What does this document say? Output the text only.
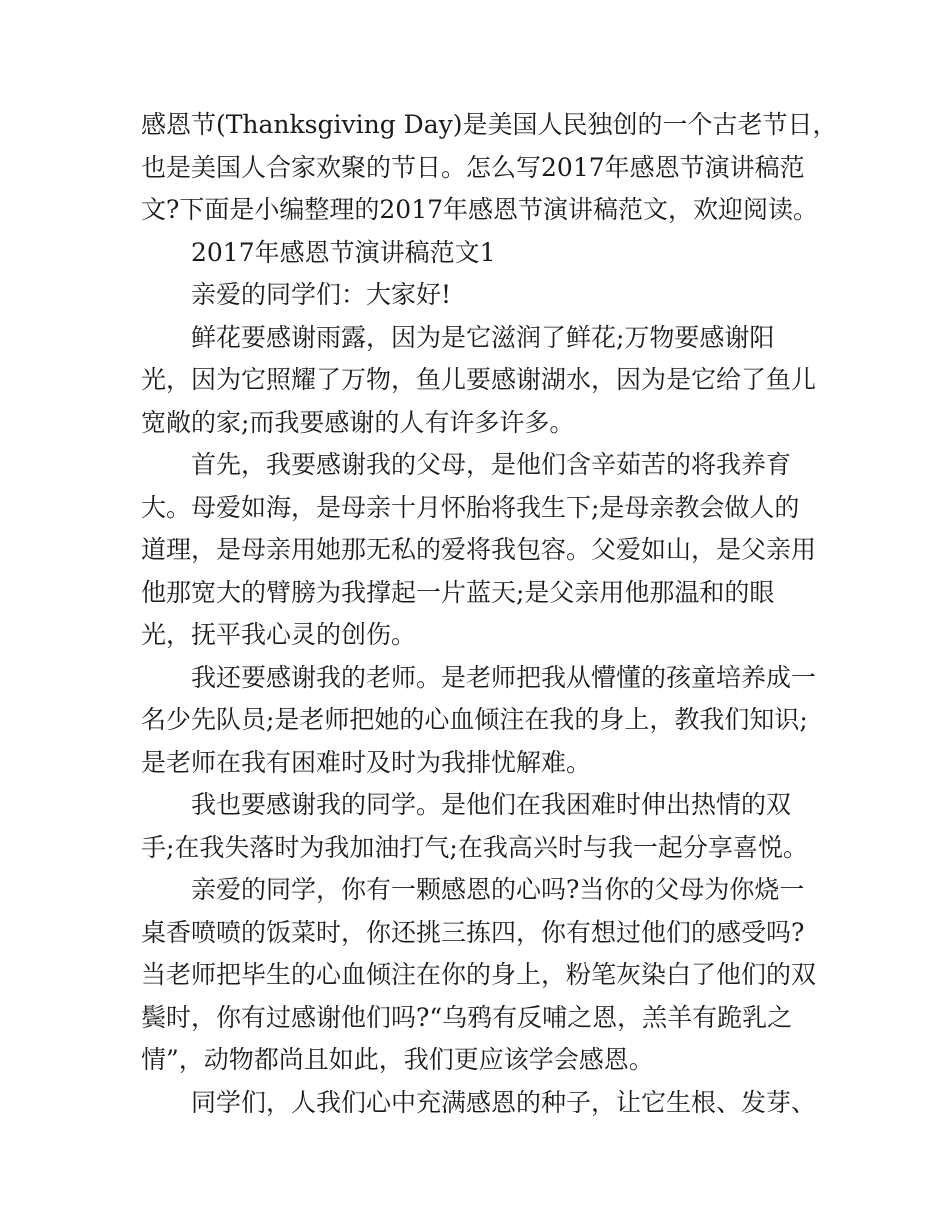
感恩节(Thanksgiving Day)是美国人民独创的一个古老节日，
也是美国人合家欢聚的节日。怎么写2017年感恩节演讲稿范
文?下面是小编整理的2017年感恩节演讲稿范文，欢迎阅读。
2017年感恩节演讲稿范文1
亲爱的同学们：大家好!
鲜花要感谢雨露，因为是它滋润了鲜花;万物要感谢阳
光，因为它照耀了万物，鱼儿要感谢湖水，因为是它给了鱼儿
宽敞的家;而我要感谢的人有许多许多。
首先，我要感谢我的父母，是他们含辛茹苦的将我养育
大。母爱如海，是母亲十月怀胎将我生下;是母亲教会做人的
道理，是母亲用她那无私的爱将我包容。父爱如山，是父亲用
他那宽大的臂膀为我撑起一片蓝天;是父亲用他那温和的眼
光，抚平我心灵的创伤。
我还要感谢我的老师。是老师把我从懵懂的孩童培养成一
名少先队员;是老师把她的心血倾注在我的身上，教我们知识;
是老师在我有困难时及时为我排忧解难。
我也要感谢我的同学。是他们在我困难时伸出热情的双
手;在我失落时为我加油打气;在我高兴时与我一起分享喜悦。
亲爱的同学，你有一颗感恩的心吗?当你的父母为你烧一
桌香喷喷的饭菜时，你还挑三拣四，你有想过他们的感受吗?
当老师把毕生的心血倾注在你的身上，粉笔灰染白了他们的双
鬓时，你有过感谢他们吗?“乌鸦有反哺之恩，羔羊有跪乳之
情”，动物都尚且如此，我们更应该学会感恩。
同学们，人我们心中充满感恩的种子，让它生根、发芽、
